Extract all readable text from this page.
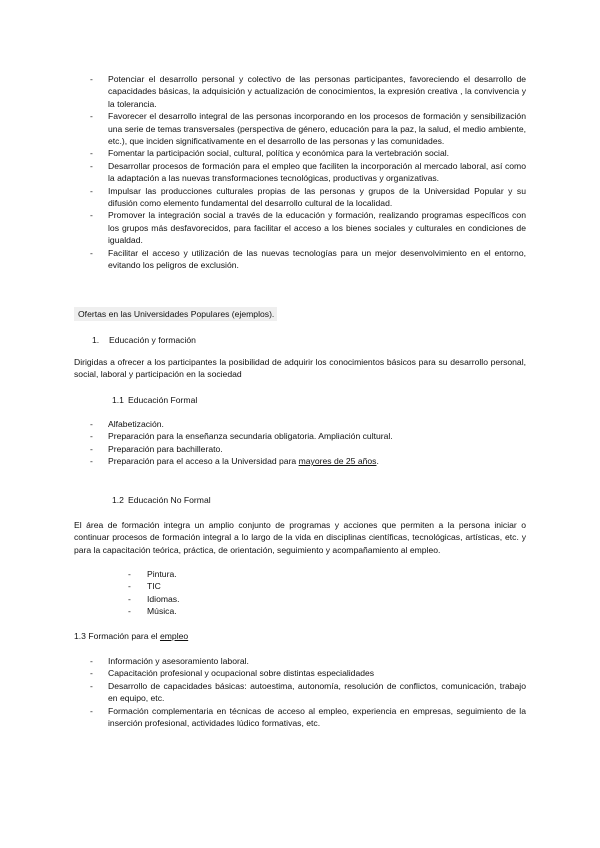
- Potenciar el desarrollo personal y colectivo de las personas participantes, favoreciendo el desarrollo de capacidades básicas, la adquisición y actualización de conocimientos, la expresión creativa , la convivencia y la tolerancia.
- Favorecer el desarrollo integral de las personas incorporando en los procesos de formación y sensibilización una serie de temas transversales (perspectiva de género, educación para la paz, la salud, el medio ambiente, etc.), que inciden significativamente en el desarrollo de las personas y las comunidades.
- Fomentar la participación social, cultural, política y económica para la vertebración social.
- Desarrollar procesos de formación para el empleo que faciliten la incorporación al mercado laboral, así como la adaptación a las nuevas transformaciones tecnológicas, productivas y organizativas.
- Impulsar las producciones culturales propias de las personas y grupos de la Universidad Popular y su difusión como elemento fundamental del desarrollo cultural de la localidad.
- Promover la integración social a través de la educación y formación, realizando programas específicos con los grupos más desfavorecidos, para facilitar el acceso a los bienes sociales y culturales en condiciones de igualdad.
- Facilitar el acceso y utilización de las nuevas tecnologías para un mejor desenvolvimiento en el entorno, evitando los peligros de exclusión.
Ofertas en las Universidades Populares (ejemplos).
1. Educación y formación

Dirigidas a ofrecer a los participantes la posibilidad de adquirir los conocimientos básicos para su desarrollo personal, social, laboral y participación en la sociedad

1.1 Educación Formal
- Alfabetización.
- Preparación para la enseñanza secundaria obligatoria. Ampliación cultural.
- Preparación para bachillerato.
- Preparación para el acceso a la Universidad para mayores de 25 años.
1.2 Educación No Formal

El área de formación integra un amplio conjunto de programas y acciones que permiten a la persona iniciar o continuar procesos de formación integral a lo largo de la vida en disciplinas científicas, tecnológicas, artísticas, etc. y para la capacitación teórica, práctica, de orientación, seguimiento y acompañamiento al empleo.

- Pintura.
- TIC
- Idiomas.
- Música.
1.3 Formación para el empleo
- Información y asesoramiento laboral.
- Capacitación profesional y ocupacional sobre distintas especialidades
- Desarrollo de capacidades básicas: autoestima, autonomía, resolución de conflictos, comunicación, trabajo en equipo, etc.
- Formación complementaria en técnicas de acceso al empleo, experiencia en empresas, seguimiento de la inserción profesional, actividades lúdico formativas, etc.
